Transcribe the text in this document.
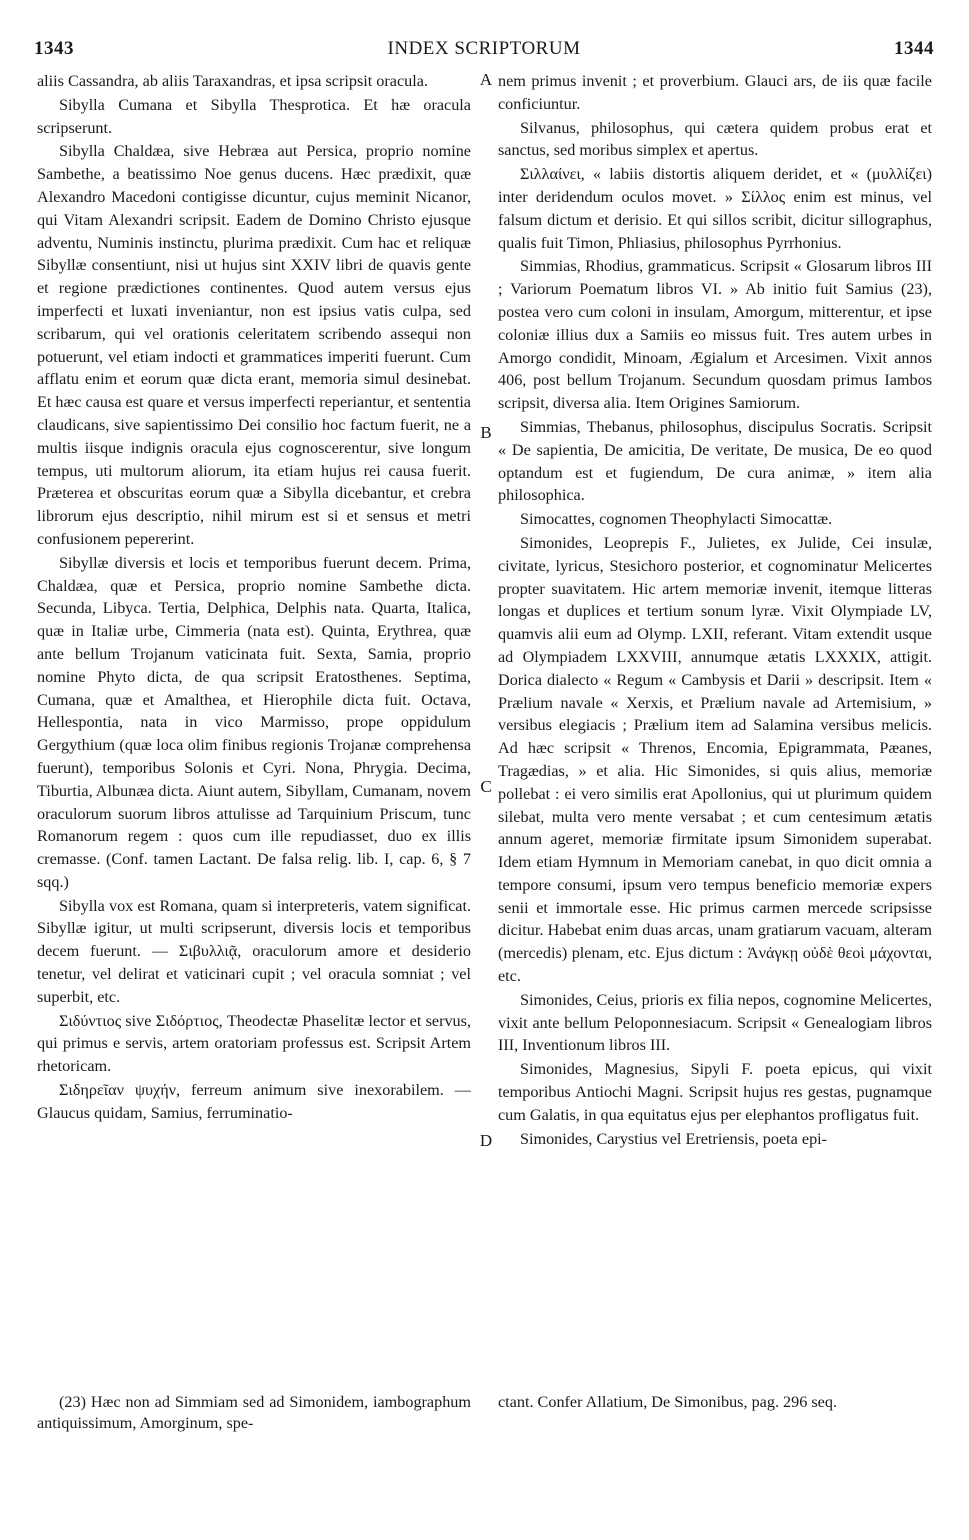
1343	INDEX SCRIPTORUM	1344

aliis Cassandra, ab aliis Taraxandras, et ipsa scripsit oracula.

Sibylla Cumana et Sibylla Thesprotica. Et hæ oracula scripserunt.

Sibylla Chaldæa, sive Hebræa aut Persica, proprio nomine Sambethe, a beatissimo Noe genus ducens. Hæc prædixit, quæ Alexandro Macedoni contigisse dicuntur, cujus meminit Nicanor, qui Vitam Alexandri scripsit. Eadem de Domino Christo ejusque adventu, Numinis instinctu, plurima prædixit. Cum hac et reliquæ Sibyllæ consentiunt, nisi ut hujus sint XXIV libri de quavis gente et regione prædictiones continentes. Quod autem versus ejus imperfecti et luxati inveniantur, non est ipsius vatis culpa, sed scribarum, qui vel orationis celeritatem scribendo assequi non potuerunt, vel etiam indocti et grammatices imperiti fuerunt. Cum afflatu enim et eorum quæ dicta erant, memoria simul desinebat. Et hæc causa est quare et versus imperfecti reperiantur, et sententia claudicans, sive sapientissimo Dei consilio hoc factum fuerit, ne a multis iisque indignis oracula ejus cognoscerentur, sive longum tempus, uti multorum aliorum, ita etiam hujus rei causa fuerit. Præterea et obscuritas eorum quæ a Sibylla dicebantur, et crebra librorum ejus descriptio, nihil mirum est si et sensus et metri confusionem pepererint.

Sibyllæ diversis et locis et temporibus fuerunt decem. Prima, Chaldæa, quæ et Persica, proprio nomine Sambethe dicta. Secunda, Libyca. Tertia, Delphica, Delphis nata. Quarta, Italica, quæ in Italiæ urbe, Cimmeria (nata est). Quinta, Erythrea, quæ ante bellum Trojanum vaticinata fuit. Sexta, Samia, proprio nomine Phyto dicta, de qua scripsit Eratosthenes. Septima, Cumana, quæ et Amalthea, et Hierophile dicta fuit. Octava, Hellespontia, nata in vico Marmisso, prope oppidulum Gergythium (quæ loca olim finibus regionis Trojanæ comprehensa fuerunt), temporibus Solonis et Cyri. Nona, Phrygia. Decima, Tiburtia, Albunæa dicta. Aiunt autem, Sibyllam, Cumanam, novem oraculorum suorum libros attulisse ad Tarquinium Priscum, tunc Romanorum regem : quos cum ille repudiasset, duo ex illis cremasse. (Conf. tamen Lactant. De falsa relig. lib. I, cap. 6, § 7 sqq.)

Sibylla vox est Romana, quam si interpreteris, vatem significat. Sibyllæ igitur, ut multi scripserunt, diversis locis et temporibus decem fuerunt. — Σιβυλλιᾷ, oraculorum amore et desiderio tenetur, vel delirat et vaticinari cupit ; vel oracula somniat ; vel superbit, etc.

Σιδύντιος sive Σιδόρτιος, Theodectæ Phaselitæ lector et servus, qui primus e servis, artem oratoriam professus est. Scripsit Artem rhetoricam.

Σιδηρεῖαν ψυχήν, ferreum animum sive inexorabilem. — Glaucus quidam, Samius, ferruminatio-

A
B
C
D

nem primus invenit ; et proverbium. Glauci ars, de iis quæ facile conficiuntur.

Silvanus, philosophus, qui cætera quidem probus erat et sanctus, sed moribus simplex et apertus.

Σιλλαίνει, « labiis distortis aliquem deridet, et « (μυλλίζει) inter deridendum oculos movet. » Σίλλος enim est minus, vel falsum dictum et derisio. Et qui sillos scribit, dicitur sillographus, qualis fuit Timon, Phliasius, philosophus Pyrrhonius.

Simmias, Rhodius, grammaticus. Scripsit « Glosarum libros III ; Variorum Poematum libros VI. » Ab initio fuit Samius (23), postea vero cum coloni in insulam, Amorgum, mitterentur, et ipse coloniæ illius dux a Samiis eo missus fuit. Tres autem urbes in Amorgo condidit, Minoam, Ægialum et Arcesimen. Vixit annos 406, post bellum Trojanum. Secundum quosdam primus Iambos scripsit, diversa alia. Item Origines Samiorum.

Simmias, Thebanus, philosophus, discipulus Socratis. Scripsit « De sapientia, De amicitia, De veritate, De musica, De eo quod optandum est et fugiendum, De cura animæ, » item alia philosophica.

Simocattes, cognomen Theophylacti Simocattæ.

Simonides, Leoprepis F., Julietes, ex Julide, Cei insulæ, civitate, lyricus, Stesichoro posterior, et cognominatur Melicertes propter suavitatem. Hic artem memoriæ invenit, itemque litteras longas et duplices et tertium sonum lyræ. Vixit Olympiade LV, quamvis alii eum ad Olymp. LXII, referant. Vitam extendit usque ad Olympiadem LXXVIII, annumque ætatis LXXXIX, attigit. Dorica dialecto « Regum « Cambysis et Darii » descripsit. Item « Prælium navale « Xerxis, et Prælium navale ad Artemisium, » versibus elegiacis ; Prælium item ad Salamina versibus melicis. Ad hæc scripsit « Threnos, Encomia, Epigrammata, Pæanes, Tragædias, » et alia. Hic Simonides, si quis alius, memoriæ pollebat : ei vero similis erat Apollonius, qui ut plurimum quidem silebat, multa vero mente versabat ; et cum centesimum ætatis annum ageret, memoriæ firmitate ipsum Simonidem superabat. Idem etiam Hymnum in Memoriam canebat, in quo dicit omnia a tempore consumi, ipsum vero tempus beneficio memoriæ expers senii et immortale esse. Hic primus carmen mercede scripsisse dicitur. Habebat enim duas arcas, unam gratiarum vacuam, alteram (mercedis) plenam, etc. Ejus dictum : Ἀνάγκῃ οὐδὲ θεοὶ μάχονται, etc.

Simonides, Ceius, prioris ex filia nepos, cognomine Melicertes, vixit ante bellum Peloponnesiacum. Scripsit « Genealogiam libros III, Inventionum libros III.

Simonides, Magnesius, Sipyli F. poeta epicus, qui vixit temporibus Antiochi Magni. Scripsit hujus res gestas, pugnamque cum Galatis, in qua equitatus ejus per elephantos profligatus fuit.

Simonides, Carystius vel Eretriensis, poeta epi-

(23) Hæc non ad Simmiam sed ad Simonidem, iambographum antiquissimum, Amorginum, spe-

ctant. Confer Allatium, De Simonibus, pag. 296 seq.
